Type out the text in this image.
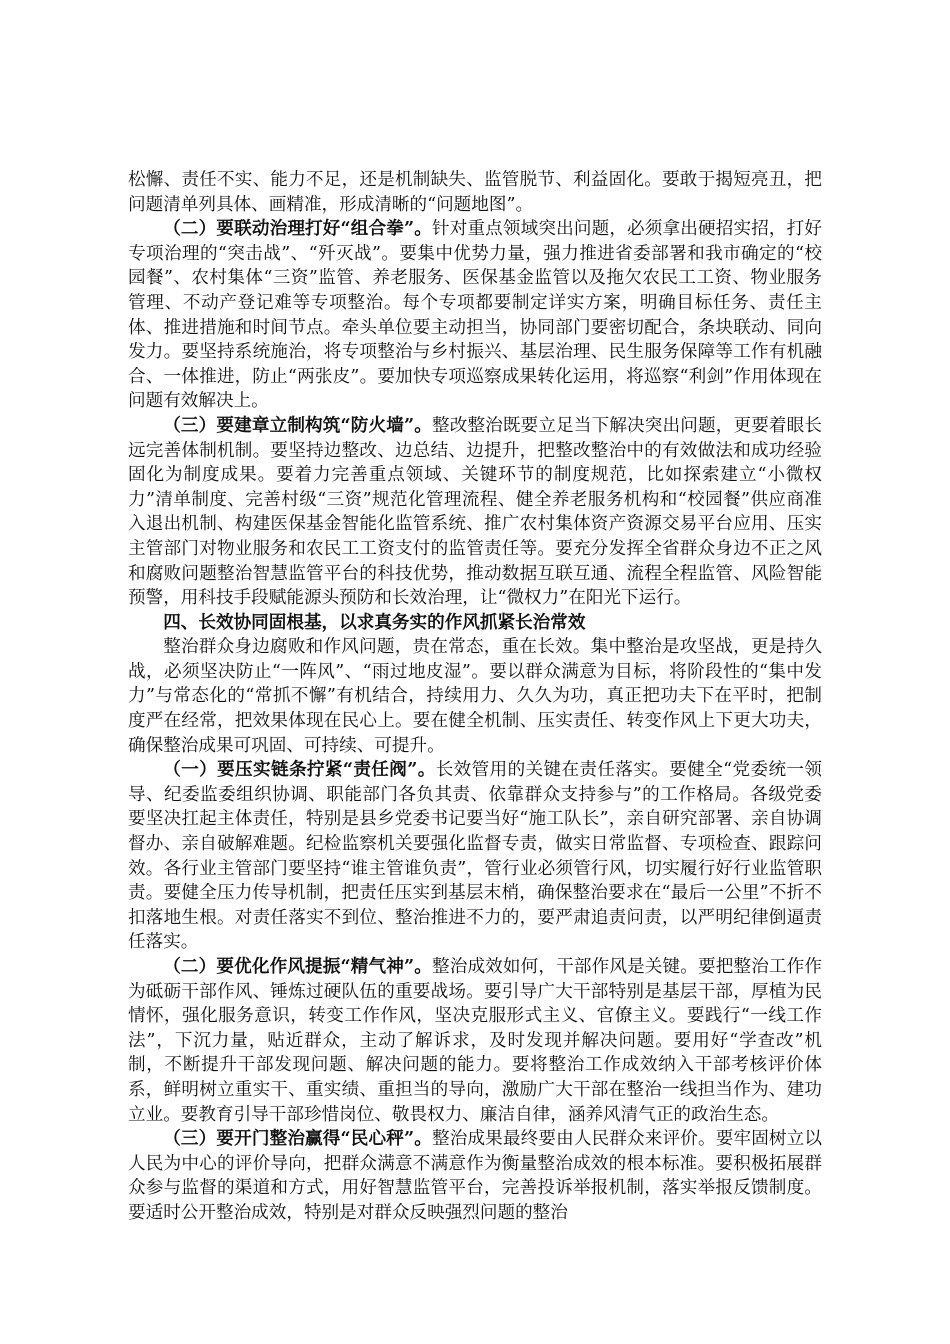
松懈、责任不实、能力不足，还是机制缺失、监管脱节、利益固化。要敢于揭短亮丑，把问题清单列具体、画精准，形成清晰的“问题地图”。

（二）要联动治理打好“组合拳”。针对重点领域突出问题，必须拿出硬招实招，打好专项治理的“突击战”、“歼灭战”。要集中优势力量，强力推进省委部署和我市确定的“校园餐”、农村集体“三资”监管、养老服务、医保基金监管以及拖欠农民工工资、物业服务管理、不动产登记难等专项整治。每个专项都要制定详实方案，明确目标任务、责任主体、推进措施和时间节点。牵头单位要主动担当，协同部门要密切配合，条块联动、同向发力。要坚持系统施治，将专项整治与乡村振兴、基层治理、民生服务保障等工作有机融合、一体推进，防止“两张皮”。要加快专项巡察成果转化运用，将巡察“利剑”作用体现在问题有效解决上。

（三）要建章立制构筑“防火墙”。整改整治既要立足当下解决突出问题，更要着眼长远完善体制机制。要坚持边整改、边总结、边提升，把整改整治中的有效做法和成功经验固化为制度成果。要着力完善重点领域、关键环节的制度规范，比如探索建立“小微权力”清单制度、完善村级“三资”规范化管理流程、健全养老服务机构和“校园餐”供应商准入退出机制、构建医保基金智能化监管系统、推广农村集体资产资源交易平台应用、压实主管部门对物业服务和农民工工资支付的监管责任等。要充分发挥全省群众身边不正之风和腐败问题整治智慧监管平台的科技优势，推动数据互联互通、流程全程监管、风险智能预警，用科技手段赋能源头预防和长效治理，让“微权力”在阳光下运行。

四、长效协同固根基，以求真务实的作风抓紧长治常效

整治群众身边腐败和作风问题，贵在常态，重在长效。集中整治是攻坚战，更是持久战，必须坚决防止“一阵风”、“雨过地皮湿”。要以群众满意为目标，将阶段性的“集中发力”与常态化的“常抓不懈”有机结合，持续用力、久久为功，真正把功夫下在平时，把制度严在经常，把效果体现在民心上。要在健全机制、压实责任、转变作风上下更大功夫，确保整治成果可巩固、可持续、可提升。

（一）要压实链条拧紧“责任阀”。长效管用的关键在责任落实。要健全“党委统一领导、纪委监委组织协调、职能部门各负其责、依靠群众支持参与”的工作格局。各级党委要坚决扛起主体责任，特别是县乡党委书记要当好“施工队长”，亲自研究部署、亲自协调督办、亲自破解难题。纪检监察机关要强化监督专责，做实日常监督、专项检查、跟踪问效。各行业主管部门要坚持“谁主管谁负责”，管行业必须管行风，切实履行好行业监管职责。要健全压力传导机制，把责任压实到基层末梢，确保整治要求在“最后一公里”不折不扣落地生根。对责任落实不到位、整治推进不力的，要严肃追责问责，以严明纪律倒逼责任落实。

（二）要优化作风提振“精气神”。整治成效如何，干部作风是关键。要把整治工作作为砥砺干部作风、锤炼过硬队伍的重要战场。要引导广大干部特别是基层干部，厚植为民情怀，强化服务意识，转变工作作风，坚决克服形式主义、官僚主义。要践行“一线工作法”，下沉力量，贴近群众，主动了解诉求，及时发现并解决问题。要用好“学查改”机制，不断提升干部发现问题、解决问题的能力。要将整治工作成效纳入干部考核评价体系，鲜明树立重实干、重实绩、重担当的导向，激励广大干部在整治一线担当作为、建功立业。要教育引导干部珍惜岗位、敬畏权力、廉洁自律，涵养风清气正的政治生态。

（三）要开门整治赢得“民心秤”。整治成果最终要由人民群众来评价。要牢固树立以人民为中心的评价导向，把群众满意不满意作为衡量整治成效的根本标准。要积极拓展群众参与监督的渠道和方式，用好智慧监管平台，完善投诉举报机制，落实举报反馈制度。要适时公开整治成效，特别是对群众反映强烈问题的整治
